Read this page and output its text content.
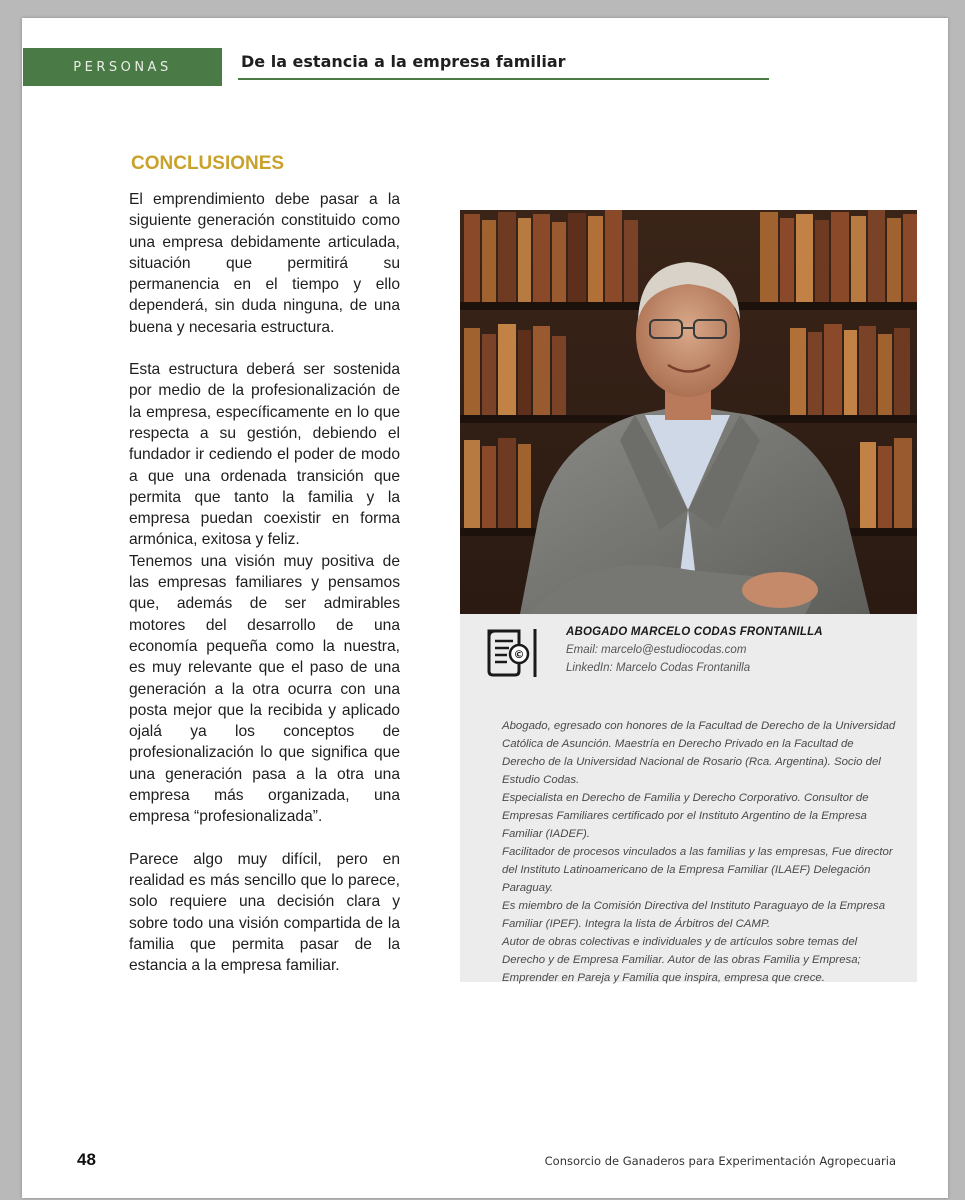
PERSONAS	De la estancia a la empresa familiar
CONCLUSIONES

El emprendimiento debe pasar a la siguiente generación constituido como una empresa debidamente articulada, situación que permitirá su permanencia en el tiempo y ello dependerá, sin duda ninguna, de una buena y necesaria estructura.

Esta estructura deberá ser sostenida por medio de la profesionalización de la empresa, específicamente en lo que respecta a su gestión, debiendo el fundador ir cediendo el poder de modo a que una ordenada transición que permita que tanto la familia y la empresa puedan coexistir en forma armónica, exitosa y feliz.

Tenemos una visión muy positiva de las empresas familiares y pensamos que, además de ser admirables motores del desarrollo de una economía pequeña como la nuestra, es muy relevante que el paso de una generación a la otra ocurra con una posta mejor que la recibida y aplicado ojalá ya los conceptos de profesionalización lo que significa que una generación pasa a la otra una empresa más organizada, una empresa “profesionalizada”.

Parece algo muy difícil, pero en realidad es más sencillo que lo parece, solo requiere una decisión clara y sobre todo una visión compartida de la familia que permita pasar de la estancia a la empresa familiar.

©
ABOGADO MARCELO CODAS FRONTANILLA
Email: marcelo@estudiocodas.com
LinkedIn: Marcelo Codas Frontanilla

Abogado, egresado con honores de la Facultad de Derecho de la Universidad Católica de Asunción. Maestría en Derecho Privado en la Facultad de Derecho de la Universidad Nacional de Rosario (Rca. Argentina). Socio del Estudio Codas.

Especialista en Derecho de Familia y Derecho Corporativo. Consultor de Empresas Familiares certificado por el Instituto Argentino de la Empresa Familiar (IADEF).

Facilitador de procesos vinculados a las familias y las empresas, Fue director del Instituto Latinoamericano de la Empresa Familiar (ILAEF) Delegación Paraguay.

Es miembro de la Comisión Directiva del Instituto Paraguayo de la Empresa Familiar (IPEF). Integra la lista de Árbitros del CAMP.

Autor de obras colectivas e individuales y de artículos sobre temas del Derecho y de Empresa Familiar. Autor de las obras Familia y Empresa; Emprender en Pareja y Familia que inspira, empresa que crece.

48	Consorcio de Ganaderos para Experimentación Agropecuaria
